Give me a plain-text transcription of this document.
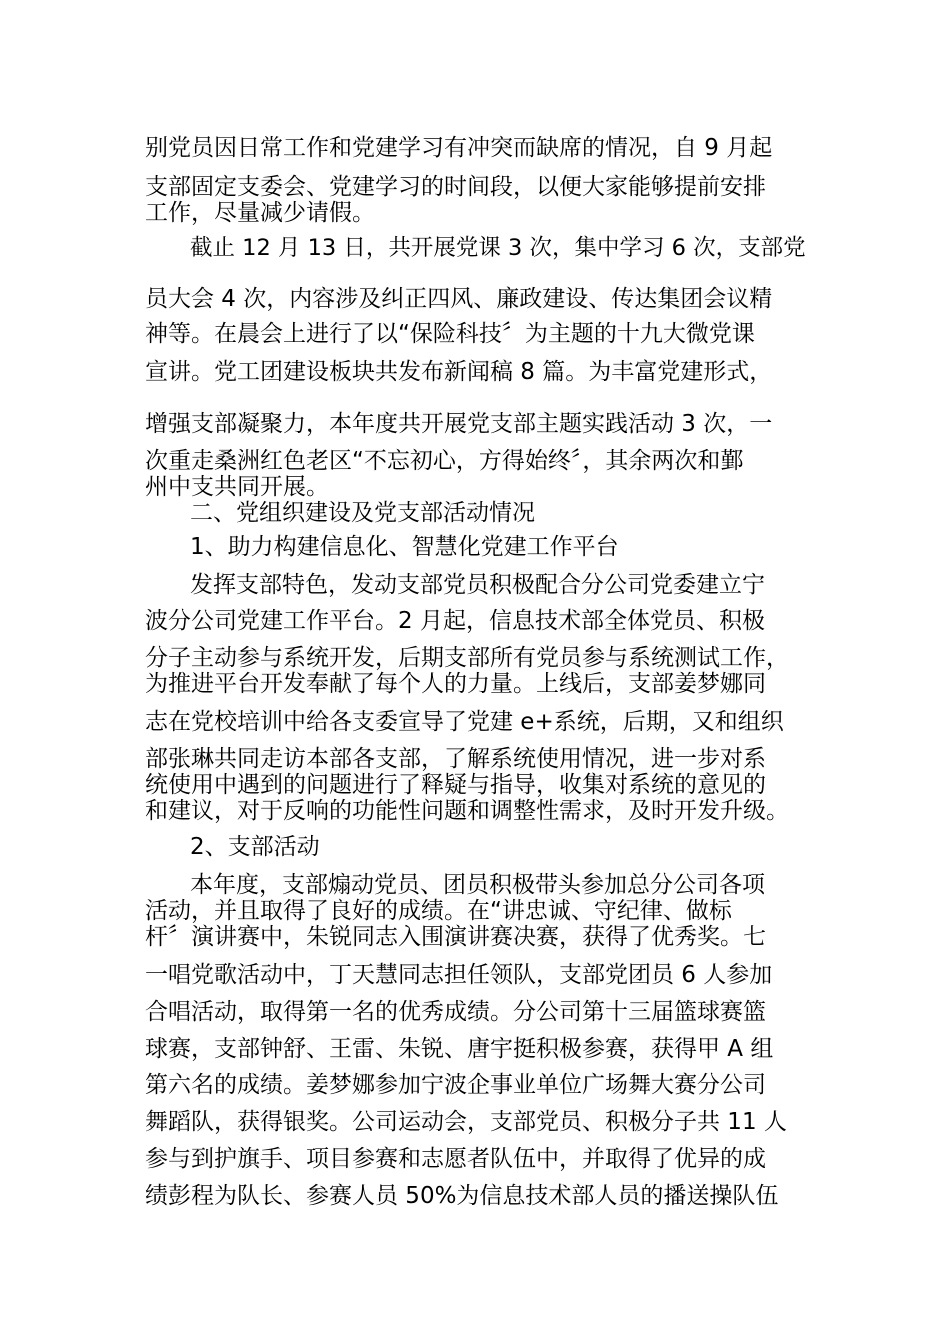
别党员因日常工作和党建学习有冲突而缺席的情况，自 9 月起
支部固定支委会、党建学习的时间段，以便大家能够提前安排
工作，尽量减少请假。
截止 12 月 13 日，共开展党课 3 次，集中学习 6 次，支部党
员大会 4 次，内容涉及纠正四风、廉政建设、传达集团会议精
神等。在晨会上进行了以“保险科技〞为主题的十九大微党课
宣讲。党工团建设板块共发布新闻稿 8 篇。为丰富党建形式，
增强支部凝聚力，本年度共开展党支部主题实践活动 3 次，一
次重走桑洲红色老区“不忘初心，方得始终〞，其余两次和鄞
州中支共同开展。
二、党组织建设及党支部活动情况
1、助力构建信息化、智慧化党建工作平台
发挥支部特色，发动支部党员积极配合分公司党委建立宁
波分公司党建工作平台。2 月起，信息技术部全体党员、积极
分子主动参与系统开发，后期支部所有党员参与系统测试工作，
为推进平台开发奉献了每个人的力量。上线后，支部姜梦娜同
志在党校培训中给各支委宣导了党建 e+系统，后期，又和组织
部张琳共同走访本部各支部，了解系统使用情况，进一步对系
统使用中遇到的问题进行了释疑与指导，收集对系统的意见的
和建议，对于反响的功能性问题和调整性需求，及时开发升级。
2、支部活动
本年度，支部煽动党员、团员积极带头参加总分公司各项
活动，并且取得了良好的成绩。在“讲忠诚、守纪律、做标
杆〞演讲赛中，朱锐同志入围演讲赛决赛，获得了优秀奖。七
一唱党歌活动中，丁天慧同志担任领队，支部党团员 6 人参加
合唱活动，取得第一名的优秀成绩。分公司第十三届篮球赛篮
球赛，支部钟舒、王雷、朱锐、唐宇挺积极参赛，获得甲 A 组
第六名的成绩。姜梦娜参加宁波企事业单位广场舞大赛分公司
舞蹈队，获得银奖。公司运动会，支部党员、积极分子共 11 人
参与到护旗手、项目参赛和志愿者队伍中，并取得了优异的成
绩彭程为队长、参赛人员 50%为信息技术部人员的播送操队伍
